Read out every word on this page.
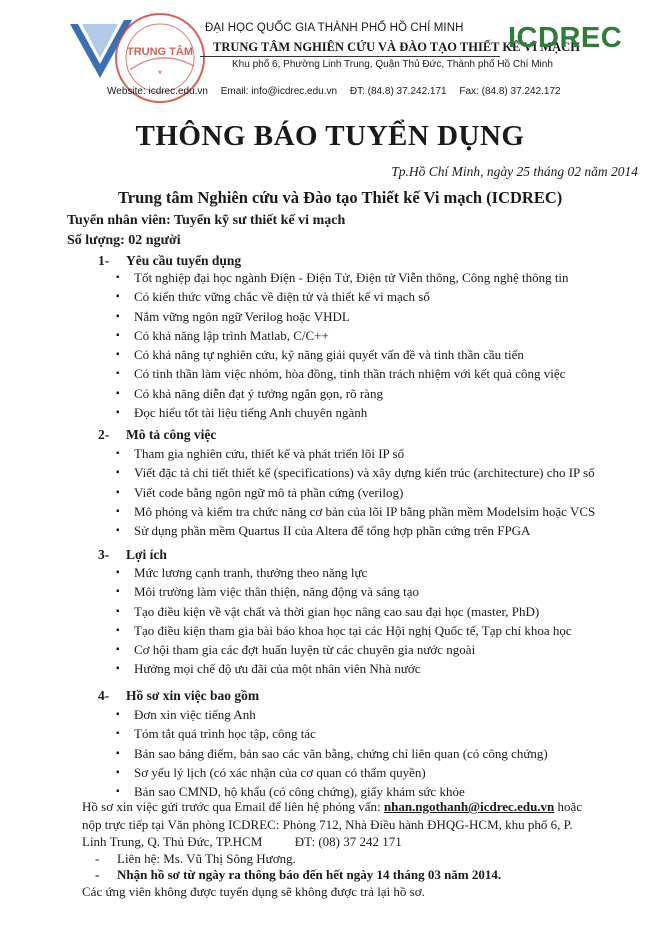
TRUNG TÂM
★
ĐẠI HỌC QUỐC GIA THÀNH PHỐ HỒ CHÍ MINH
TRUNG TÂM NGHIÊN CỨU VÀ ĐÀO TẠO THIẾT KẾ VI MẠCH
Khu phố 6, Phường Linh Trung, Quận Thủ Đức, Thành phố Hồ Chí Minh
Website: icdrec.edu.vn Email: info@icdrec.edu.vn ĐT: (84.8) 37.242.171 Fax: (84.8) 37.242.172
ICDREC
THÔNG BÁO TUYỂN DỤNG
Tp.Hồ Chí Minh, ngày 25 tháng 02 năm 2014
Trung tâm Nghiên cứu và Đào tạo Thiết kế Vi mạch (ICDREC)
Tuyển nhân viên: Tuyển kỹ sư thiết kế vi mạch
Số lượng: 02 người
1- Yêu cầu tuyển dụng
▪ Tốt nghiệp đại học ngành Điện - Điện Tử, Điện tử Viễn thông, Công nghệ thông tin
▪ Có kiến thức vững chắc về điện tử và thiết kế vi mạch số
▪ Nắm vững ngôn ngữ Verilog hoặc VHDL
▪ Có khả năng lập trình Matlab, C/C++
▪ Có khả năng tự nghiên cứu, kỹ năng giải quyết vấn đề và tinh thần cầu tiến
▪ Có tinh thần làm việc nhóm, hòa đồng, tinh thần trách nhiệm với kết quả công việc
▪ Có khả năng diễn đạt ý tưởng ngắn gọn, rõ ràng
▪ Đọc hiểu tốt tài liệu tiếng Anh chuyên ngành
2- Mô tả công việc
▪ Tham gia nghiên cứu, thiết kế và phát triển lõi IP số
▪ Viết đặc tả chi tiết thiết kế (specifications) và xây dựng kiến trúc (architecture) cho IP số
▪ Viết code bằng ngôn ngữ mô tả phần cứng (verilog)
▪ Mô phỏng và kiểm tra chức năng cơ bản của lõi IP bằng phần mềm Modelsim hoặc VCS
▪ Sử dụng phần mềm Quartus II của Altera để tổng hợp phần cứng trên FPGA
3- Lợi ích
▪ Mức lương cạnh tranh, thưởng theo năng lực
▪ Môi trường làm việc thân thiện, năng động và sáng tạo
▪ Tạo điều kiện về vật chất và thời gian học nâng cao sau đại học (master, PhD)
▪ Tạo điều kiện tham gia bài báo khoa học tại các Hội nghị Quốc tế, Tạp chí khoa học
▪ Cơ hội tham gia các đợt huấn luyện từ các chuyên gia nước ngoài
▪ Hưởng mọi chế độ ưu đãi của một nhân viên Nhà nước
4- Hồ sơ xin việc bao gồm
▪ Đơn xin việc tiếng Anh
▪ Tóm tắt quá trình học tập, công tác
▪ Bản sao bảng điểm, bản sao các văn bằng, chứng chỉ liên quan (có công chứng)
▪ Sơ yếu lý lịch (có xác nhận của cơ quan có thẩm quyền)
▪ Bản sao CMND, hộ khẩu (có công chứng), giấy khám sức khỏe
Hồ sơ xin việc gửi trước qua Email để liên hệ phỏng vấn: nhan.ngothanh@icdrec.edu.vn hoặc
nộp trực tiếp tại Văn phòng ICDREC: Phòng 712, Nhà Điều hành ĐHQG-HCM, khu phố 6, P.
Linh Trung, Q. Thủ Đức, TP.HCM          ĐT: (08) 37 242 171
- Liên hệ: Ms. Vũ Thị Sông Hương.
- Nhận hồ sơ từ ngày ra thông báo đến hết ngày 14 tháng 03 năm 2014.
Các ứng viên không được tuyển dụng sẽ không được trả lại hồ sơ.
